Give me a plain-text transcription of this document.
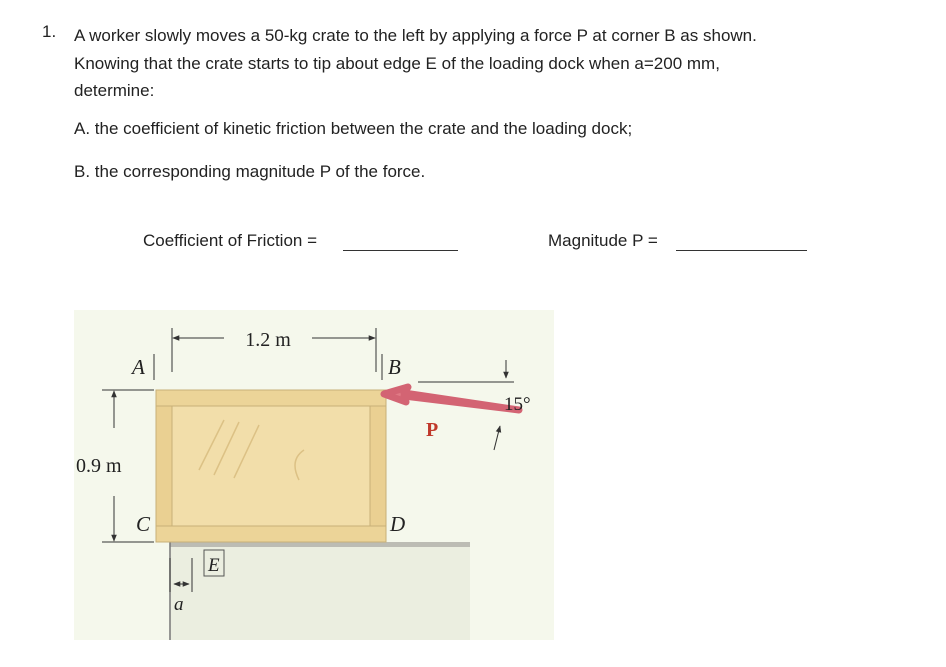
1. A worker slowly moves a 50-kg crate to the left by applying a force P at corner B as shown.
Knowing that the crate starts to tip about edge E of the loading dock when a=200 mm,
determine:
A. the coefficient of kinetic friction between the crate and the loading dock;
B. the corresponding magnitude P of the force.
Coefficient of Friction =	Magnitude P =
1.2 m
A	B
C	D
E
0.9 m
a
P
15°
